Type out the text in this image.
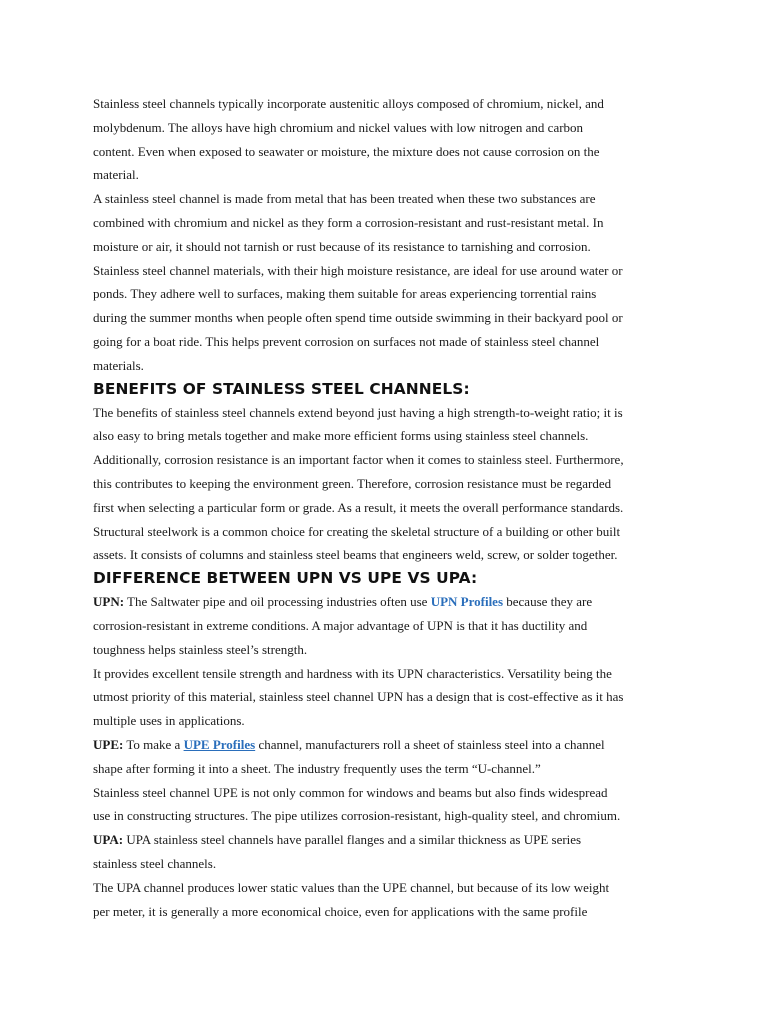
Stainless steel channels typically incorporate austenitic alloys composed of chromium, nickel, and
molybdenum. The alloys have high chromium and nickel values with low nitrogen and carbon
content. Even when exposed to seawater or moisture, the mixture does not cause corrosion on the
material.

A stainless steel channel is made from metal that has been treated when these two substances are
combined with chromium and nickel as they form a corrosion-resistant and rust-resistant metal. In
moisture or air, it should not tarnish or rust because of its resistance to tarnishing and corrosion.

Stainless steel channel materials, with their high moisture resistance, are ideal for use around water or
ponds. They adhere well to surfaces, making them suitable for areas experiencing torrential rains
during the summer months when people often spend time outside swimming in their backyard pool or
going for a boat ride. This helps prevent corrosion on surfaces not made of stainless steel channel
materials.

BENEFITS OF STAINLESS STEEL CHANNELS:

The benefits of stainless steel channels extend beyond just having a high strength-to-weight ratio; it is
also easy to bring metals together and make more efficient forms using stainless steel channels.
Additionally, corrosion resistance is an important factor when it comes to stainless steel. Furthermore,
this contributes to keeping the environment green. Therefore, corrosion resistance must be regarded
first when selecting a particular form or grade. As a result, it meets the overall performance standards.

Structural steelwork is a common choice for creating the skeletal structure of a building or other built
assets. It consists of columns and stainless steel beams that engineers weld, screw, or solder together.

DIFFERENCE BETWEEN UPN VS UPE VS UPA:

UPN: The Saltwater pipe and oil processing industries often use UPN Profiles because they are
corrosion-resistant in extreme conditions. A major advantage of UPN is that it has ductility and
toughness helps stainless steel’s strength.

It provides excellent tensile strength and hardness with its UPN characteristics. Versatility being the
utmost priority of this material, stainless steel channel UPN has a design that is cost-effective as it has
multiple uses in applications.

UPE: To make a UPE Profiles channel, manufacturers roll a sheet of stainless steel into a channel
shape after forming it into a sheet. The industry frequently uses the term “U-channel.”

Stainless steel channel UPE is not only common for windows and beams but also finds widespread
use in constructing structures. The pipe utilizes corrosion-resistant, high-quality steel, and chromium.

UPA: UPA stainless steel channels have parallel flanges and a similar thickness as UPE series
stainless steel channels.

The UPA channel produces lower static values than the UPE channel, but because of its low weight
per meter, it is generally a more economical choice, even for applications with the same profile
